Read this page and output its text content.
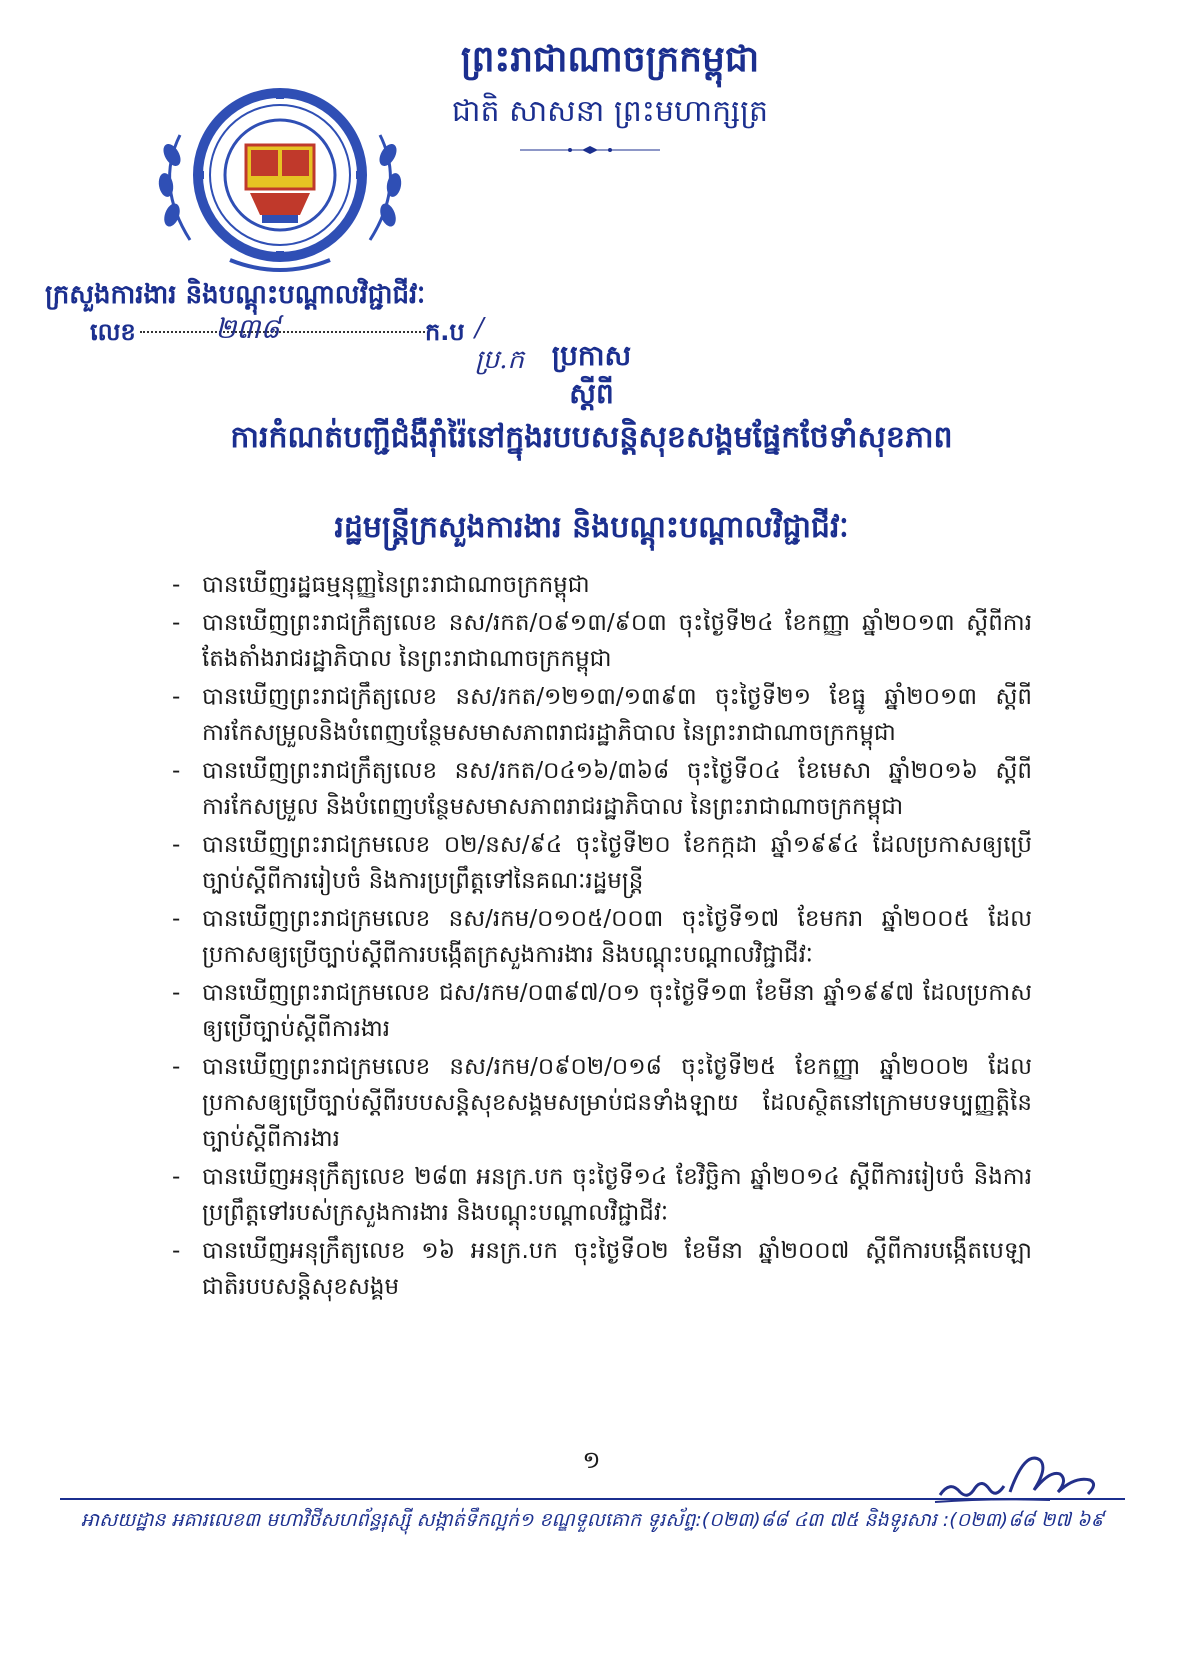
ព្រះរាជាណាចក្រកម្ពុជា
ជាតិ សាសនា ព្រះមហាក្សត្រ
ក្រសួងការងារ និងបណ្តុះបណ្តាលវិជ្ជាជីវៈ
លេខ	២៣៨	ក.ប /ប្រ.ក ប្រកាស
ស្តីពី
ការកំណត់បញ្ជីជំងឺរ៉ាំរ៉ៃនៅក្នុងរបបសន្តិសុខសង្គមផ្នែកថែទាំសុខភាព
រដ្ឋមន្ត្រីក្រសួងការងារ និងបណ្តុះបណ្តាលវិជ្ជាជីវៈ
- បានឃើញរដ្ឋធម្មនុញ្ញនៃព្រះរាជាណាចក្រកម្ពុជា
- បានឃើញព្រះរាជក្រឹត្យលេខ នស/រកត/០៩១៣/៩០៣ ចុះថ្ងៃទី២៤ ខែកញ្ញា ឆ្នាំ២០១៣ ស្តីពីការតែងតាំងរាជរដ្ឋាភិបាល នៃព្រះរាជាណាចក្រកម្ពុជា
- បានឃើញព្រះរាជក្រឹត្យលេខ នស/រកត/១២១៣/១៣៩៣ ចុះថ្ងៃទី២១ ខែធ្នូ ឆ្នាំ២០១៣ ស្តីពីការកែសម្រួលនិងបំពេញបន្ថែមសមាសភាពរាជរដ្ឋាភិបាល នៃព្រះរាជាណាចក្រកម្ពុជា
- បានឃើញព្រះរាជក្រឹត្យលេខ នស/រកត/០៤១៦/៣៦៨ ចុះថ្ងៃទី០៤ ខែមេសា ឆ្នាំ២០១៦ ស្តីពីការកែសម្រួល និងបំពេញបន្ថែមសមាសភាពរាជរដ្ឋាភិបាល នៃព្រះរាជាណាចក្រកម្ពុជា
- បានឃើញព្រះរាជក្រមលេខ ០២/នស/៩៤ ចុះថ្ងៃទី២០ ខែកក្កដា ឆ្នាំ១៩៩៤ ដែលប្រកាសឲ្យប្រើច្បាប់ស្តីពីការរៀបចំ និងការប្រព្រឹត្តទៅនៃគណៈរដ្ឋមន្ត្រី
- បានឃើញព្រះរាជក្រមលេខ នស/រកម/០១០៥/០០៣ ចុះថ្ងៃទី១៧ ខែមករា ឆ្នាំ២០០៥ ដែលប្រកាសឲ្យប្រើច្បាប់ស្តីពីការបង្កើតក្រសួងការងារ និងបណ្តុះបណ្តាលវិជ្ជាជីវៈ
- បានឃើញព្រះរាជក្រមលេខ ជស/រកម/០៣៩៧/០១ ចុះថ្ងៃទី១៣ ខែមីនា ឆ្នាំ១៩៩៧ ដែលប្រកាសឲ្យប្រើច្បាប់ស្តីពីការងារ
- បានឃើញព្រះរាជក្រមលេខ នស/រកម/០៩០២/០១៨ ចុះថ្ងៃទី២៥ ខែកញ្ញា ឆ្នាំ២០០២ ដែលប្រកាសឲ្យប្រើច្បាប់ស្តីពីរបបសន្តិសុខសង្គមសម្រាប់ជនទាំងឡាយ ដែលស្ថិតនៅក្រោមបទប្បញ្ញត្តិនៃច្បាប់ស្តីពីការងារ
- បានឃើញអនុក្រឹត្យលេខ ២៨៣ អនក្រ.បក ចុះថ្ងៃទី១៤ ខែវិច្ឆិកា ឆ្នាំ២០១៤ ស្តីពីការរៀបចំ និងការប្រព្រឹត្តទៅរបស់ក្រសួងការងារ និងបណ្តុះបណ្តាលវិជ្ជាជីវៈ
- បានឃើញអនុក្រឹត្យលេខ ១៦ អនក្រ.បក ចុះថ្ងៃទី០២ ខែមីនា ឆ្នាំ២០០៧ ស្តីពីការបង្កើតបេឡាជាតិរបបសន្តិសុខសង្គម
១
អាសយដ្ឋាន អគារលេខ៣ មហាវិថីសហព័ន្ធរុស្ស៊ី សង្កាត់ទឹកល្អក់១ ខណ្ឌទួលគោក ទូរស័ព្ទ:(០២៣)៨៨ ៤៣ ៧៥ និងទូរសារ :(០២៣)៨៨ ២៧ ៦៩
